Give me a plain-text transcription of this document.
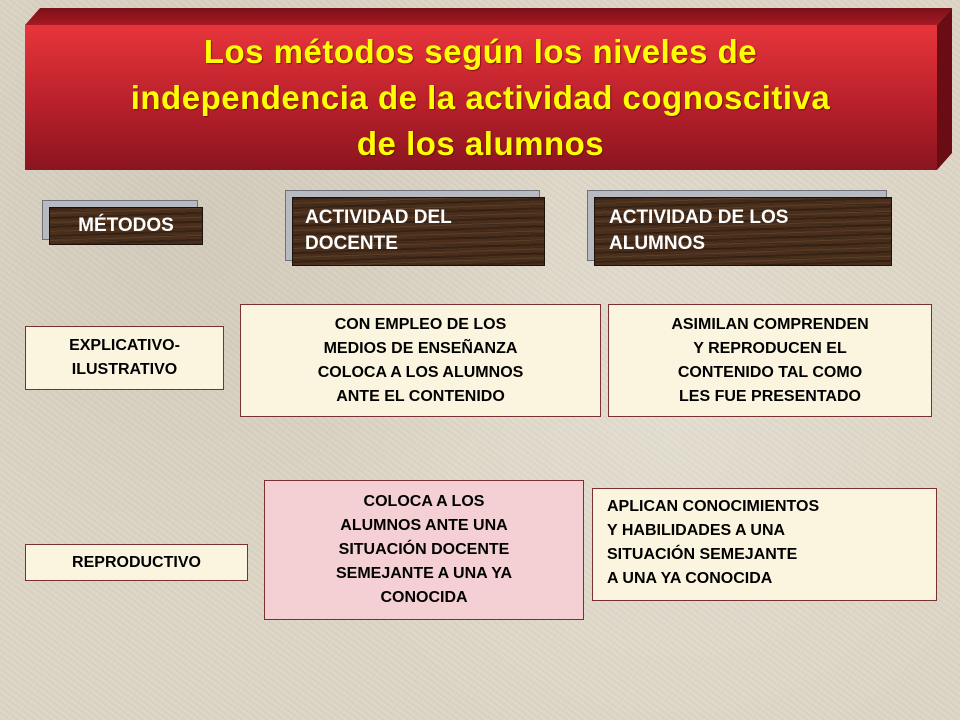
Los métodos según los niveles de
independencia de la actividad cognoscitiva
de los alumnos
MÉTODOS	ACTIVIDAD DEL
DOCENTE
ACTIVIDAD DE LOS
ALUMNOS
EXPLICATIVO-
ILUSTRATIVO
CON EMPLEO DE LOS
MEDIOS DE ENSEÑANZA
COLOCA A LOS ALUMNOS
ANTE EL CONTENIDO
ASIMILAN COMPRENDEN
Y REPRODUCEN EL
CONTENIDO TAL COMO
LES FUE PRESENTADO
REPRODUCTIVO
COLOCA A LOS
ALUMNOS ANTE UNA
SITUACIÓN DOCENTE
SEMEJANTE A UNA YA
CONOCIDA
APLICAN CONOCIMIENTOS
Y HABILIDADES A UNA
SITUACIÓN SEMEJANTE
A UNA YA CONOCIDA
